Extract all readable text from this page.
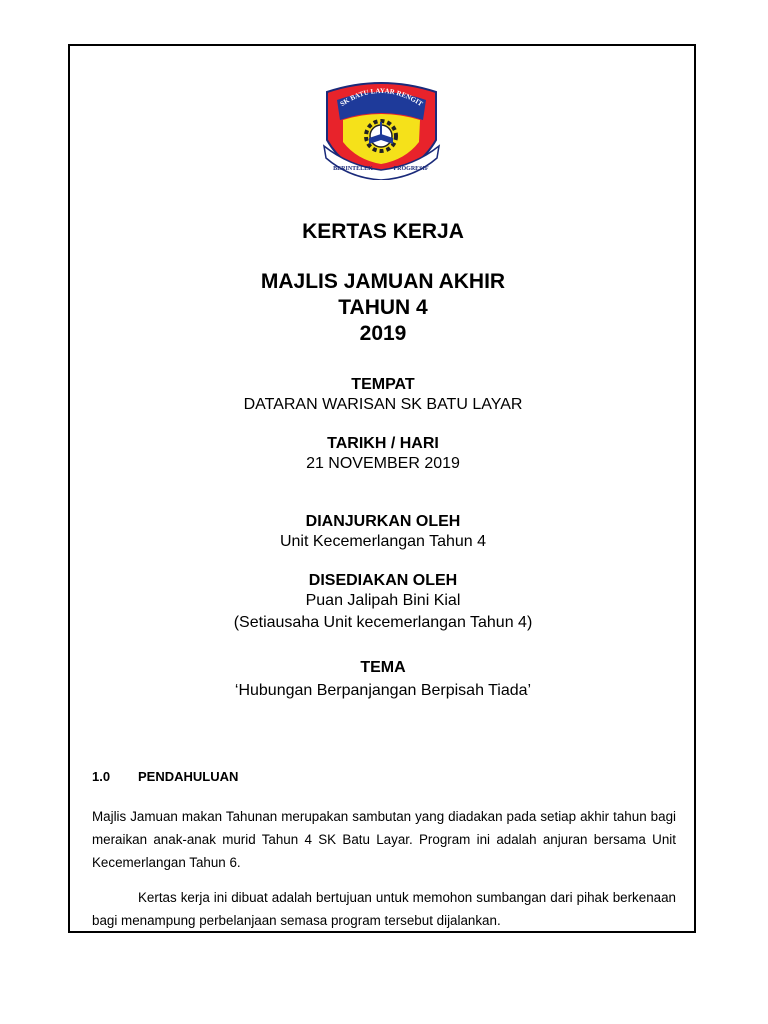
SK BATU LAYAR RENGIT
BERINTELEK	PROGRESIF

KERTAS KERJA

MAJLIS JAMUAN AKHIR

TAHUN 4

2019

TEMPAT

DATARAN WARISAN SK BATU LAYAR

TARIKH / HARI

21 NOVEMBER 2019

DIANJURKAN OLEH

Unit Kecemerlangan Tahun 4

DISEDIAKAN OLEH

Puan Jalipah Bini Kial

(Setiausaha Unit kecemerlangan Tahun 4)

TEMA

‘Hubungan Berpanjangan Berpisah Tiada’

1.0 PENDAHULUAN

Majlis Jamuan makan Tahunan merupakan sambutan yang diadakan pada setiap akhir tahun bagi meraikan anak-anak murid Tahun 4 SK Batu Layar. Program ini adalah anjuran bersama Unit Kecemerlangan Tahun 6.

Kertas kerja ini dibuat adalah bertujuan untuk memohon sumbangan dari pihak berkenaan bagi menampung perbelanjaan semasa program tersebut dijalankan.
